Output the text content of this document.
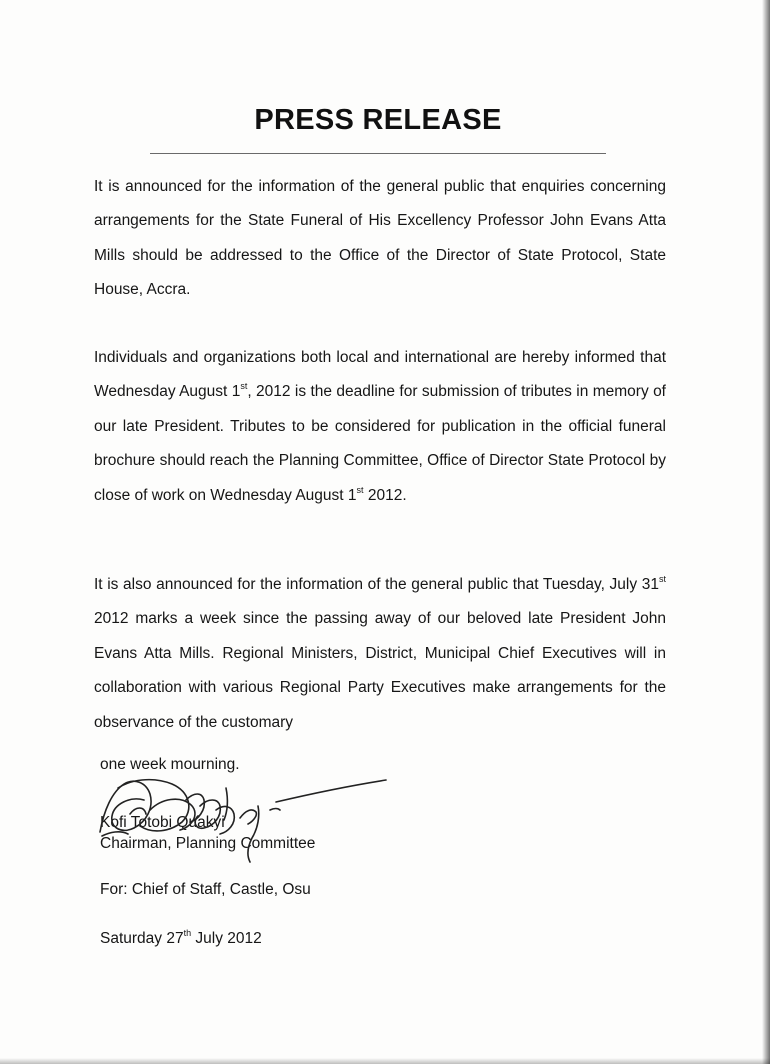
PRESS RELEASE
It is announced for the information of the general public that enquiries concerning arrangements for the State Funeral of His Excellency Professor John Evans Atta Mills should be addressed to the Office of the Director of State Protocol, State House, Accra.
Individuals and organizations both local and international are hereby informed that Wednesday August 1st, 2012 is the deadline for submission of tributes in memory of our late President. Tributes to be considered for publication in the official funeral brochure should reach the Planning Committee, Office of Director State Protocol by close of work on Wednesday August 1st 2012.
It is also announced for the information of the general public that Tuesday, July 31st 2012 marks a week since the passing away of our beloved late President John Evans Atta Mills. Regional Ministers, District, Municipal Chief Executives will in collaboration with various Regional Party Executives make arrangements for the observance of the customary
one week mourning.
Kofi Totobi Quakyi
Chairman, Planning Committee
For: Chief of Staff, Castle, Osu
Saturday 27th July 2012
